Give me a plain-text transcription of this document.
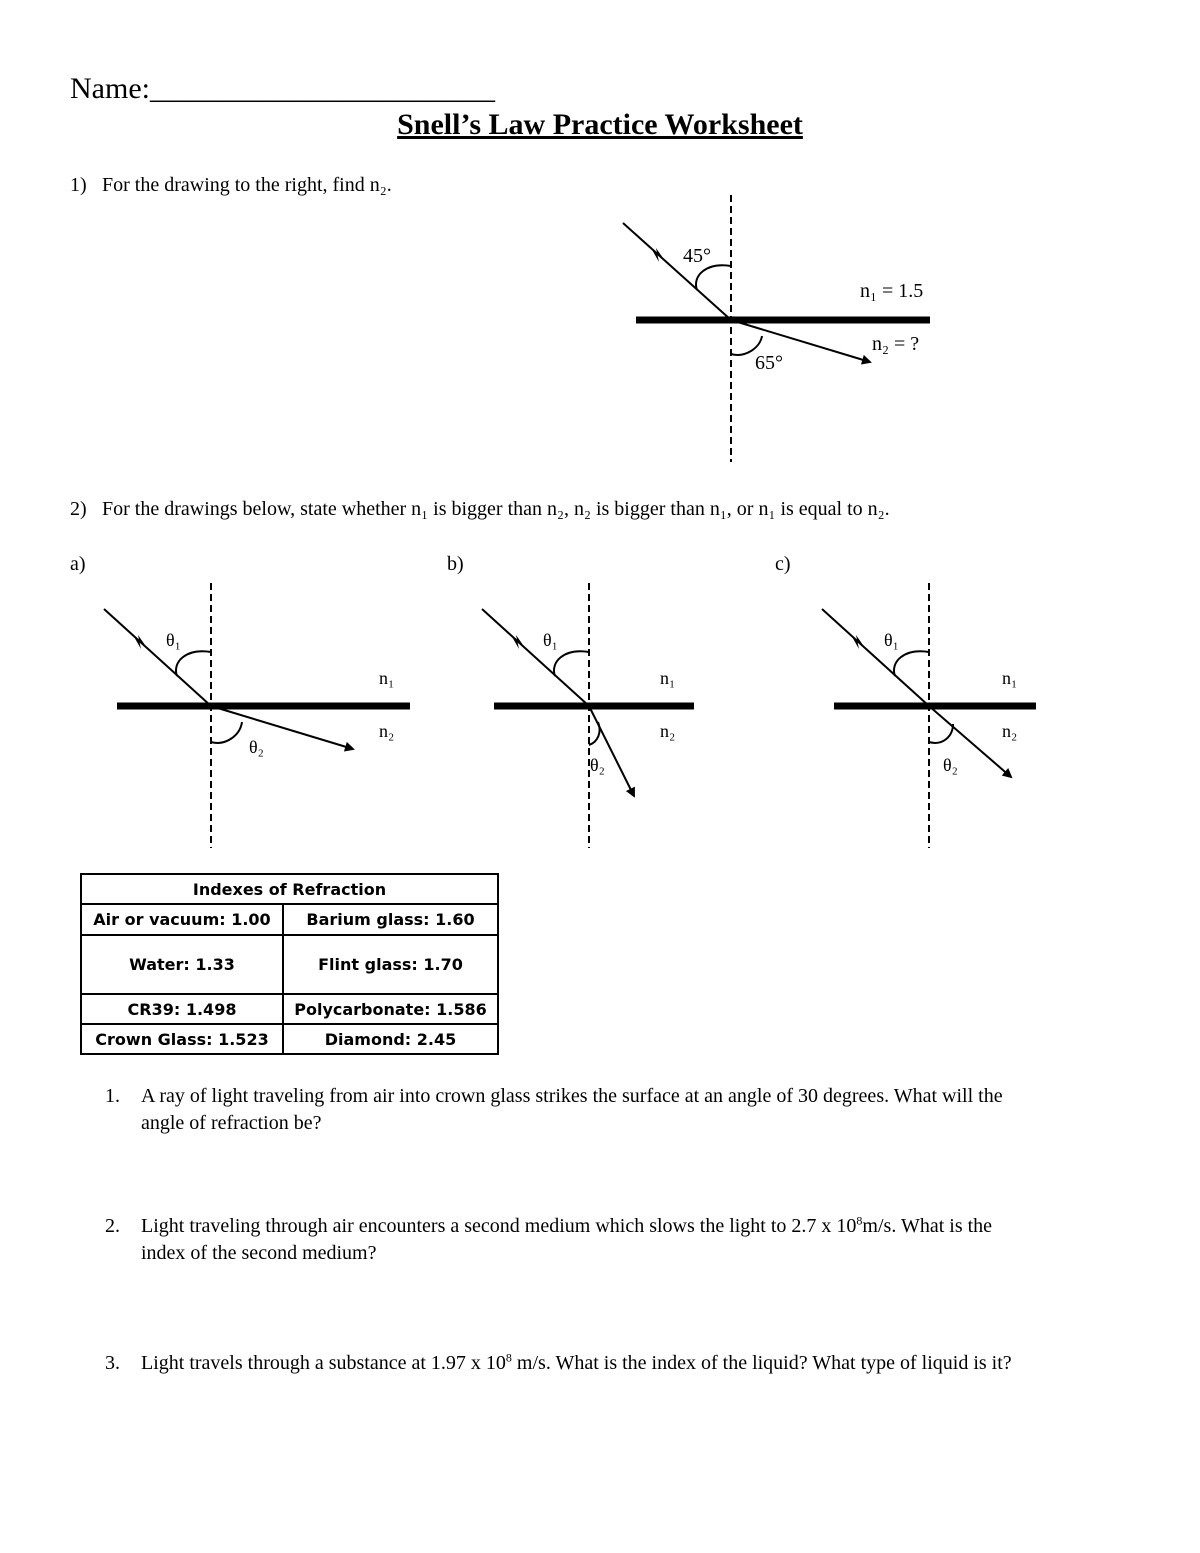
Name:_______________________
Snell’s Law Practice Worksheet
1) For the drawing to the right, find n₂.
45°
65°
n₁ = 1.5
n₂ = ?
θ₁
θ₂
n₁
n₂
θ₁
θ₂
n₁
n₂
θ₁
θ₂
n₁
n₂
2) For the drawings below, state whether n₁ is bigger than n₂, n₂ is bigger than n₁, or n₁ is equal to n₂.
a)	b)	c)
Indexes of Refraction	
Air or vacuum: 1.00	Barium glass: 1.60
Water: 1.33	Flint glass: 1.70
CR39: 1.498	Polycarbonate: 1.586
Crown Glass: 1.523	Diamond: 2.45
1. A ray of light traveling from air into crown glass strikes the surface at an angle of 30 degrees. What will the
angle of refraction be?
2. Light traveling through air encounters a second medium which slows the light to 2.7 x $10^8m/s$. What is the
index of the second medium?
3. Light travels through a substance at 1.97 x $10^8$ m/s. What is the index of the liquid? What type of liquid is it?
